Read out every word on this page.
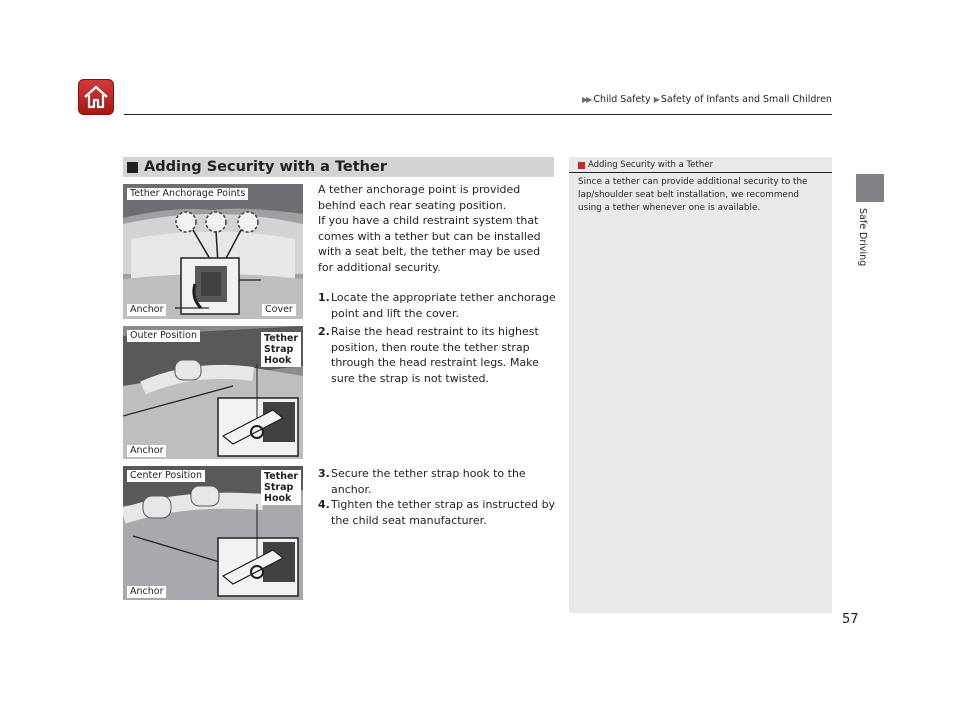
▶▶ Child Safety ▶ Safety of Infants and Small Children
Safe Driving
Adding Security with a Tether
Tether Anchorage Points
Anchor	Cover
Outer Position	Tether
Strap
Hook
Anchor
Center Position	Tether
Strap
Hook
Anchor

A tether anchorage point is provided behind each rear seating position.

If you have a child restraint system that comes with a tether but can be installed with a seat belt, the tether may be used for additional security.

1. Locate the appropriate tether anchorage point and lift the cover.
2. Raise the head restraint to its highest position, then route the tether strap through the head restraint legs. Make sure the strap is not twisted.
3. Secure the tether strap hook to the anchor.
4. Tighten the tether strap as instructed by the child seat manufacturer.
Adding Security with a Tether
Since a tether can provide additional security to the lap/shoulder seat belt installation, we recommend using a tether whenever one is available.
57
